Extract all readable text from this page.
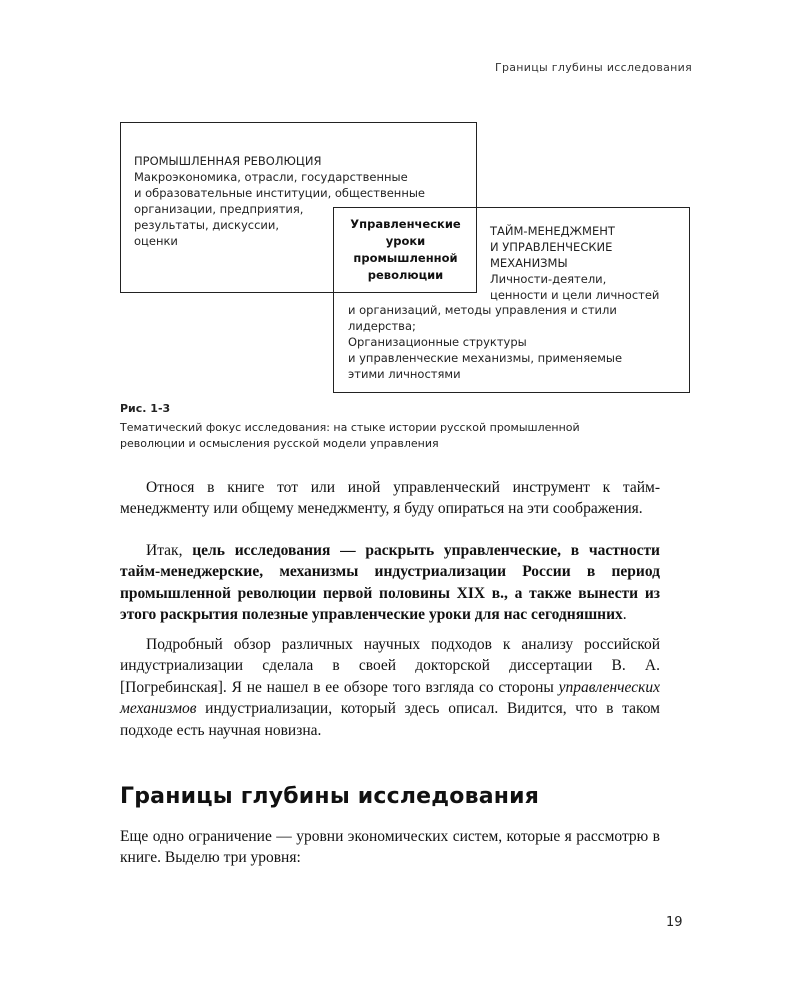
Границы глубины исследования
ПРОМЫШЛЕННАЯ РЕВОЛЮЦИЯ
Макроэкономика, отрасли, государственные
и образовательные институции, общественные
организации, предприятия,
результаты, дискуссии,
оценки
Управленческие
уроки
промышленной
революции
ТАЙМ-МЕНЕДЖМЕНТ
И УПРАВЛЕНЧЕСКИЕ
МЕХАНИЗМЫ
Личности-деятели,
ценности и цели личностей
и организаций, методы управления и стили
лидерства;
Организационные структуры
и управленческие механизмы, применяемые
этими личностями
Рис. 1-3
Тематический фокус исследования: на стыке истории русской промышленной
революции и осмысления русской модели управления

Относя в книге тот или иной управленческий инструмент к тайм-менеджменту или общему менеджменту, я буду опираться на эти соображения.

Итак, цель исследования — раскрыть управленческие, в частности тайм-менеджерские, механизмы индустриализации России в период промышленной революции первой половины XIX в., а также вынести из этого раскрытия полезные управленческие уроки для нас сегодняшних.

Подробный обзор различных научных подходов к анализу российской индустриализации сделала в своей докторской диссертации В. А. [Погребинская]. Я не нашел в ее обзоре того взгляда со стороны управленческих механизмов индустриализации, который здесь описал. Видится, что в таком подходе есть научная новизна.

Границы глубины исследования

Еще одно ограничение — уровни экономических систем, которые я рассмотрю в книге. Выделю три уровня:

19
